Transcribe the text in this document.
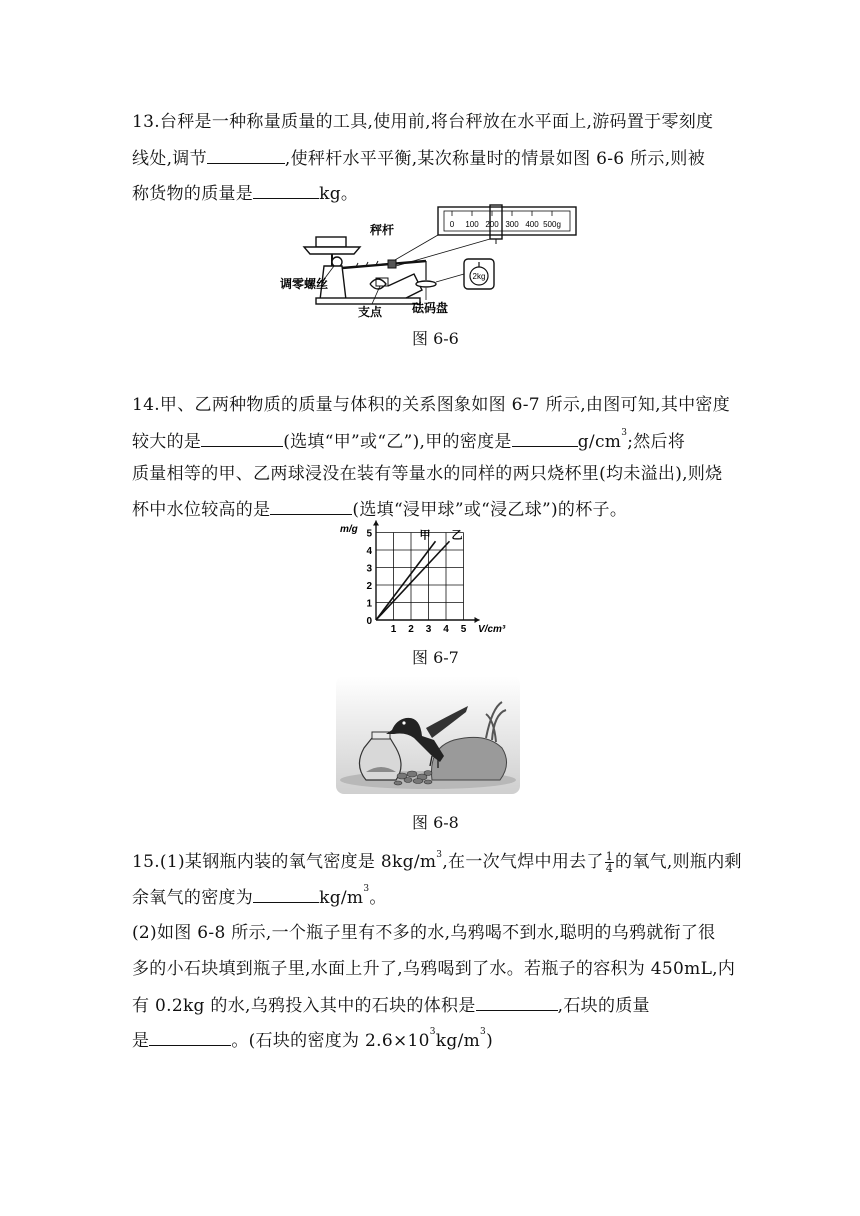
13.台秤是一种称量质量的工具,使用前,将台秤放在水平面上,游码置于零刻度
线处,调节	,使秤杆水平平衡,某次称量时的情景如图 6-6 所示,则被
称货物的质量是	kg。
0 100 200 300 400 500g
2kg
秤杆
调零螺丝
支点 砝码盘
图 6-6
14.甲、乙两种物质的质量与体积的关系图象如图 6-7 所示,由图可知,其中密度
较大的是	(选填“甲”或“乙”),甲的密度是	$g/cm^3$;然后将
质量相等的甲、乙两球浸没在装有等量水的同样的两只烧杯里(均未溢出),则烧
杯中水位较高的是	(选填“浸甲球”或“浸乙球”)的杯子。
1 2 3 4 5
0
1
2
3
4
5	甲 乙
m/g
V/cm³
图 6-7
图 6-8
15.(1)某钢瓶内装的氧气密度是 $8kg/m^3$,在一次气焊中用去了 $\frac{1}{4}$ 的氧气,则瓶内剩
余氧气的密度为	$kg/m^3$。
(2)如图 6-8 所示,一个瓶子里有不多的水,乌鸦喝不到水,聪明的乌鸦就衔了很
多的小石块填到瓶子里,水面上升了,乌鸦喝到了水。若瓶子的容积为 450mL,内
有 0.2kg 的水,乌鸦投入其中的石块的体积是	,石块的质量
是	。(石块的密度为 $2.6\times 10^3kg/m^3$)
